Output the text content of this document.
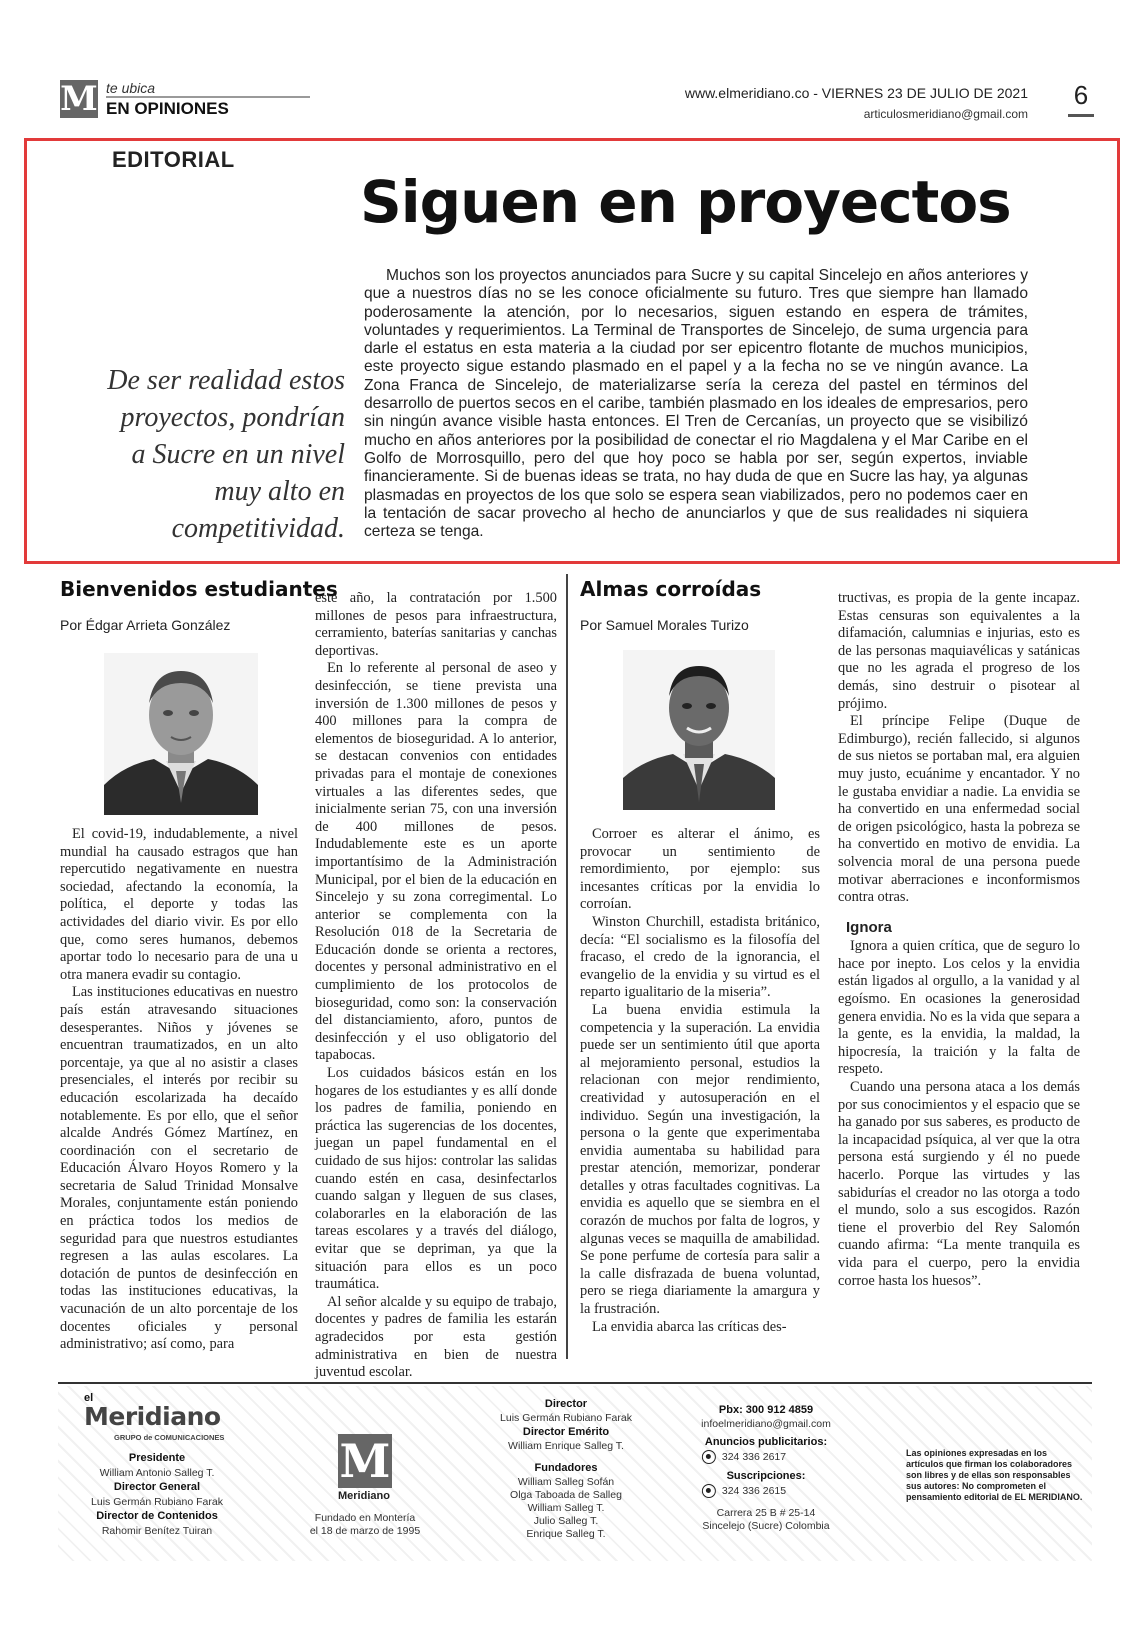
M te ubica
EN OPINIONES
www.elmeridiano.co - VIERNES 23 DE JULIO DE 2021
articulosmeridiano@gmail.com
6
EDITORIAL
Siguen en proyectos
De ser realidad estos proyectos, pondrían a Sucre en un nivel muy alto en competitividad.
Muchos son los proyectos anunciados para Sucre y su capital Sincelejo en años anteriores y que a nuestros días no se les conoce oficialmente su futuro. Tres que siempre han llamado poderosamente la atención, por lo necesarios, siguen estando en espera de trámites, voluntades y requerimientos. La Terminal de Transportes de Sincelejo, de suma urgencia para darle el estatus en esta materia a la ciudad por ser epicentro flotante de muchos municipios, este proyecto sigue estando plasmado en el papel y a la fecha no se ve ningún avance. La Zona Franca de Sincelejo, de materializarse sería la cereza del pastel en términos del desarrollo de puertos secos en el caribe, también plasmado en los ideales de empresarios, pero sin ningún avance visible hasta entonces. El Tren de Cercanías, un proyecto que se visibilizó mucho en años anteriores por la posibilidad de conectar el rio Magdalena y el Mar Caribe en el Golfo de Morrosquillo, pero del que hoy poco se habla por ser, según expertos, inviable financieramente. Si de buenas ideas se trata, no hay duda de que en Sucre las hay, ya algunas plasmadas en proyectos de los que solo se espera sean viabilizados, pero no podemos caer en la tentación de sacar provecho al hecho de anunciarlos y que de sus realidades ni siquiera certeza se tenga.
Bienvenidos estudiantes
Por Édgar Arrieta González

El covid-19, indudablemente, a nivel mundial ha causado estragos que han repercutido negativamente en nuestra sociedad, afectando la economía, la política, el deporte y todas las actividades del diario vivir. Es por ello que, como seres humanos, debemos aportar todo lo necesario para de una u otra manera evadir su contagio.

Las instituciones educativas en nuestro país están atravesando situaciones desesperantes. Niños y jóvenes se encuentran traumatizados, en un alto porcentaje, ya que al no asistir a clases presenciales, el interés por recibir su educación escolarizada ha decaído notablemente. Es por ello, que el señor alcalde Andrés Gómez Martínez, en coordinación con el secretario de Educación Álvaro Hoyos Romero y la secretaria de Salud Trinidad Monsalve Morales, conjuntamente están poniendo en práctica todos los medios de seguridad para que nuestros estudiantes regresen a las aulas escolares. La dotación de puntos de desinfección en todas las instituciones educativas, la vacunación de un alto porcentaje de los docentes oficiales y personal administrativo; así como, para

este año, la contratación por 1.500 millones de pesos para infraestructura, cerramiento, baterías sanitarias y canchas deportivas.

En lo referente al personal de aseo y desinfección, se tiene prevista una inversión de 1.300 millones de pesos y 400 millones para la compra de elementos de bioseguridad. A lo anterior, se destacan convenios con entidades privadas para el montaje de conexiones virtuales a las diferentes sedes, que inicialmente serian 75, con una inversión de 400 millones de pesos. Indudablemente este es un aporte importantísimo de la Administración Municipal, por el bien de la educación en Sincelejo y su zona corregimental. Lo anterior se complementa con la Resolución 018 de la Secretaria de Educación donde se orienta a rectores, docentes y personal administrativo en el cumplimiento de los protocolos de bioseguridad, como son: la conservación del distanciamiento, aforo, puntos de desinfección y el uso obligatorio del tapabocas.

Los cuidados básicos están en los hogares de los estudiantes y es allí donde los padres de familia, poniendo en práctica las sugerencias de los docentes, juegan un papel fundamental en el cuidado de sus hijos: controlar las salidas cuando estén en casa, desinfectarlos cuando salgan y lleguen de sus clases, colaborarles en la elaboración de las tareas escolares y a través del diálogo, evitar que se depriman, ya que la situación para ellos es un poco traumática.

Al señor alcalde y su equipo de trabajo, docentes y padres de familia les estarán agradecidos por esta gestión administrativa en bien de nuestra juventud escolar.

Almas corroídas
Por Samuel Morales Turizo

Corroer es alterar el ánimo, es provocar un sentimiento de remordimiento, por ejemplo: sus incesantes críticas por la envidia lo corroían.

Winston Churchill, estadista británico, decía: “El socialismo es la filosofía del fracaso, el credo de la ignorancia, el evangelio de la envidia y su virtud es el reparto igualitario de la miseria”.

La buena envidia estimula la competencia y la superación. La envidia puede ser un sentimiento útil que aporta al mejoramiento personal, estudios la relacionan con mejor rendimiento, creatividad y autosuperación en el individuo. Según una investigación, la persona o la gente que experimentaba envidia aumentaba su habilidad para prestar atención, memorizar, ponderar detalles y otras facultades cognitivas. La envidia es aquello que se siembra en el corazón de muchos por falta de logros, y algunas veces se maquilla de amabilidad. Se pone perfume de cortesía para salir a la calle disfrazada de buena voluntad, pero se riega diariamente la amargura y la frustración.

La envidia abarca las críticas des-

tructivas, es propia de la gente incapaz. Estas censuras son equivalentes a la difamación, calumnias e injurias, esto es de las personas maquiavélicas y satánicas que no les agrada el progreso de los demás, sino destruir o pisotear al prójimo.

El príncipe Felipe (Duque de Edimburgo), recién fallecido, si algunos de sus nietos se portaban mal, era alguien muy justo, ecuánime y encantador. Y no le gustaba envidiar a nadie. La envidia se ha convertido en una enfermedad social de origen psicológico, hasta la pobreza se ha convertido en motivo de envidia. La solvencia moral de una persona puede motivar aberraciones e inconformismos contra otras.

Ignora

Ignora a quien crítica, que de seguro lo hace por inepto. Los celos y la envidia están ligados al orgullo, a la vanidad y al egoísmo. En ocasiones la generosidad genera envidia. No es la vida que separa a la gente, es la envidia, la maldad, la hipocresía, la traición y la falta de respeto.

Cuando una persona ataca a los demás por sus conocimientos y el espacio que se ha ganado por sus saberes, es producto de la incapacidad psíquica, al ver que la otra persona está surgiendo y él no puede hacerlo. Porque las virtudes y las sabidurías el creador no las otorga a todo el mundo, solo a sus escogidos. Razón tiene el proverbio del Rey Salomón cuando afirma: “La mente tranquila es vida para el cuerpo, pero la envidia corroe hasta los huesos”.

el
Meridiano
GRUPO de COMUNICACIONES
Presidente
William Antonio Salleg T.
Director General
Luis Germán Rubiano Farak
Director de Contenidos
Rahomir Benítez Tuiran
M
Meridiano
Fundado en Montería
el 18 de marzo de 1995
Director
Luis Germán Rubiano Farak
Director Emérito
William Enrique Salleg T.
Fundadores
William Salleg Sofán
Olga Taboada de Salleg
William Salleg T.
Julio Salleg T.
Enrique Salleg T.
Pbx: 300 912 4859
infoelmeridiano@gmail.com
Anuncios publicitarios:
324 336 2617
Suscripciones:
324 336 2615
Carrera 25 B # 25-14
Sincelejo (Sucre) Colombia
Las opiniones expresadas en los artículos que firman los colaboradores son libres y de ellas son responsables sus autores: No comprometen el pensamiento editorial de EL MERIDIANO.
